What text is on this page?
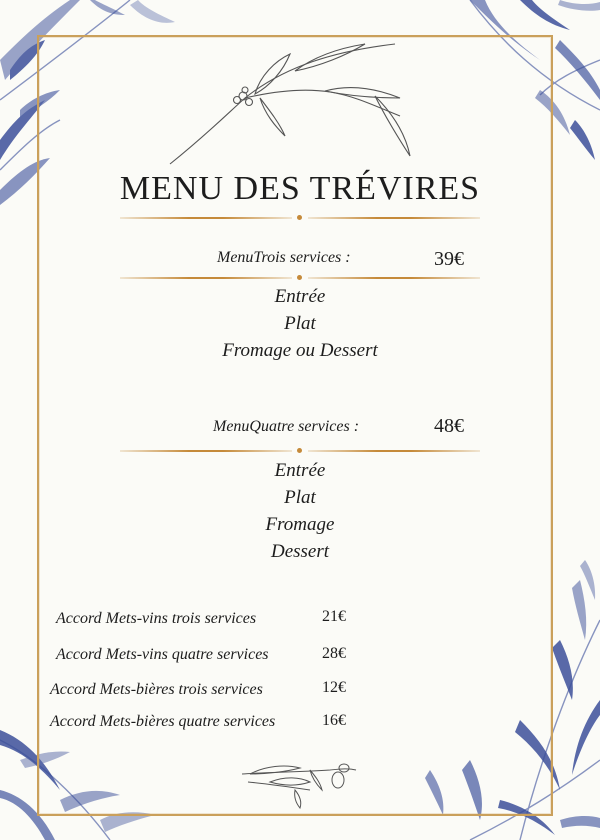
MENU DES TRÉVIRES
MenuTrois services :	39€
Entrée
Plat
Fromage ou Dessert
MenuQuatre services :	48€
Entrée
Plat
Fromage
Dessert
Accord Mets-vins trois services	21€
Accord Mets-vins quatre services	28€
Accord Mets-bières trois services	12€
Accord Mets-bières quatre services	16€
